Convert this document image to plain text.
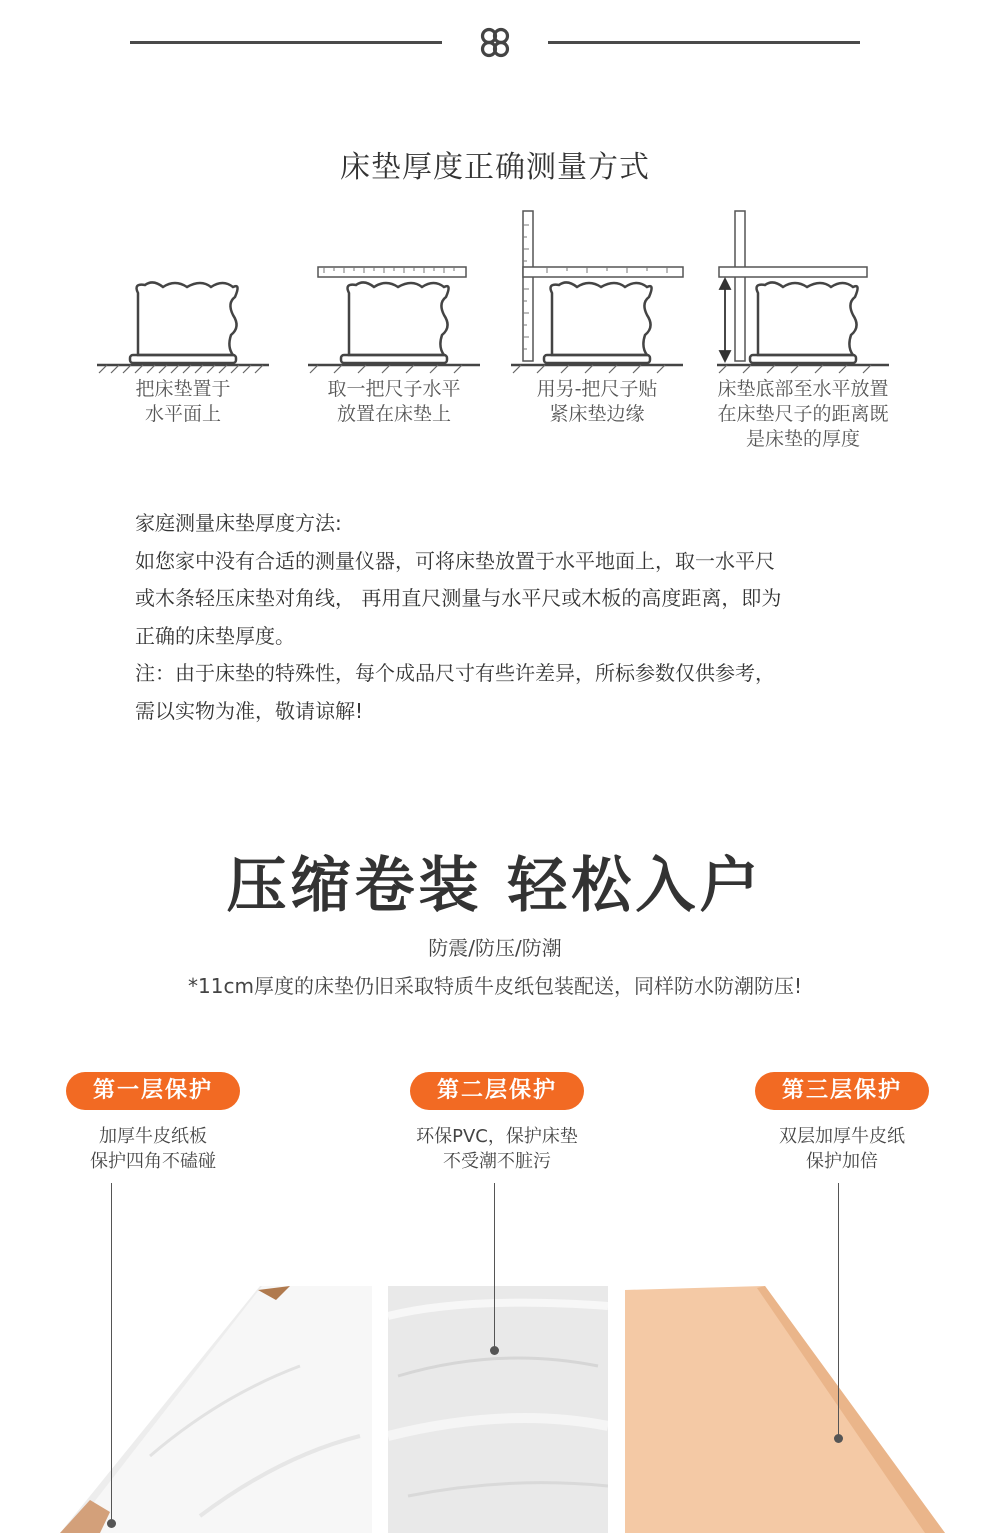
床垫厚度正确测量方式
把床垫置于
水平面上
取一把尺子水平
放置在床垫上
用另-把尺子贴
紧床垫边缘
床垫底部至水平放置
在床垫尺子的距离既
是床垫的厚度
家庭测量床垫厚度方法:
如您家中没有合适的测量仪器，可将床垫放置于水平地面上，取一水平尺
或木条轻压床垫对角线， 再用直尺测量与水平尺或木板的高度距离，即为
正确的床垫厚度。
注：由于床垫的特殊性，每个成品尺寸有些许差异，所标参数仅供参考，
需以实物为准，敬请谅解!
压缩卷装 轻松入户
防震/防压/防潮
*11cm厚度的床垫仍旧采取特质牛皮纸包装配送，同样防水防潮防压!
第一层保护
加厚牛皮纸板
保护四角不磕碰
第二层保护
环保PVC，保护床垫
不受潮不脏污
第三层保护
双层加厚牛皮纸
保护加倍
